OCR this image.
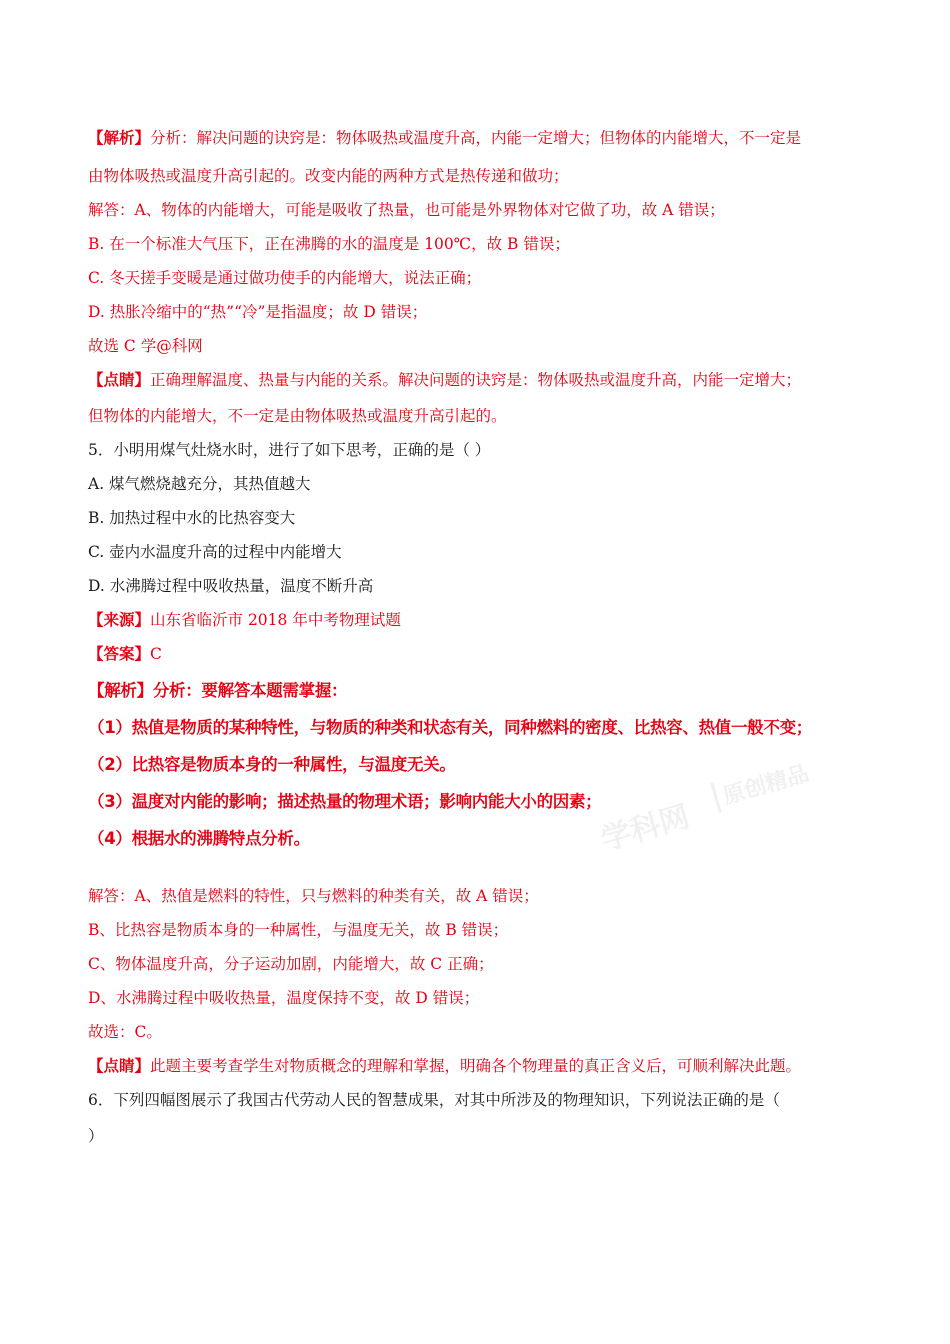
【解析】分析：解决问题的诀窍是：物体吸热或温度升高，内能一定增大；但物体的内能增大，不一定是
由物体吸热或温度升高引起的。改变内能的两种方式是热传递和做功；
解答：A、物体的内能增大，可能是吸收了热量，也可能是外界物体对它做了功，故 A 错误；
B. 在一个标准大气压下，正在沸腾的水的温度是 100℃，故 B 错误；
C. 冬天搓手变暖是通过做功使手的内能增大，说法正确；
D. 热胀冷缩中的“热”“冷”是指温度；故 D 错误；
故选 C 学@科网
【点睛】正确理解温度、热量与内能的关系。解决问题的诀窍是：物体吸热或温度升高，内能一定增大；
但物体的内能增大，不一定是由物体吸热或温度升高引起的。
5．小明用煤气灶烧水时，进行了如下思考，正确的是（ ）
A. 煤气燃烧越充分，其热值越大
B. 加热过程中水的比热容变大
C. 壶内水温度升高的过程中内能增大
D. 水沸腾过程中吸收热量，温度不断升高
【来源】山东省临沂市 2018 年中考物理试题
【答案】C
【解析】分析：要解答本题需掌握：
（1）热值是物质的某种特性，与物质的种类和状态有关，同种燃料的密度、比热容、热值一般不变；
（2）比热容是物质本身的一种属性，与温度无关。
（3）温度对内能的影响；描述热量的物理术语；影响内能大小的因素；
（4）根据水的沸腾特点分析。	学科网
原创精品
解答：A、热值是燃料的特性，只与燃料的种类有关，故 A 错误；
B、比热容是物质本身的一种属性，与温度无关，故 B 错误；
C、物体温度升高，分子运动加剧，内能增大，故 C 正确；
D、水沸腾过程中吸收热量，温度保持不变，故 D 错误；
故选：C。
【点睛】此题主要考查学生对物质概念的理解和掌握，明确各个物理量的真正含义后，可顺利解决此题。
6．下列四幅图展示了我国古代劳动人民的智慧成果，对其中所涉及的物理知识，下列说法正确的是（
）
